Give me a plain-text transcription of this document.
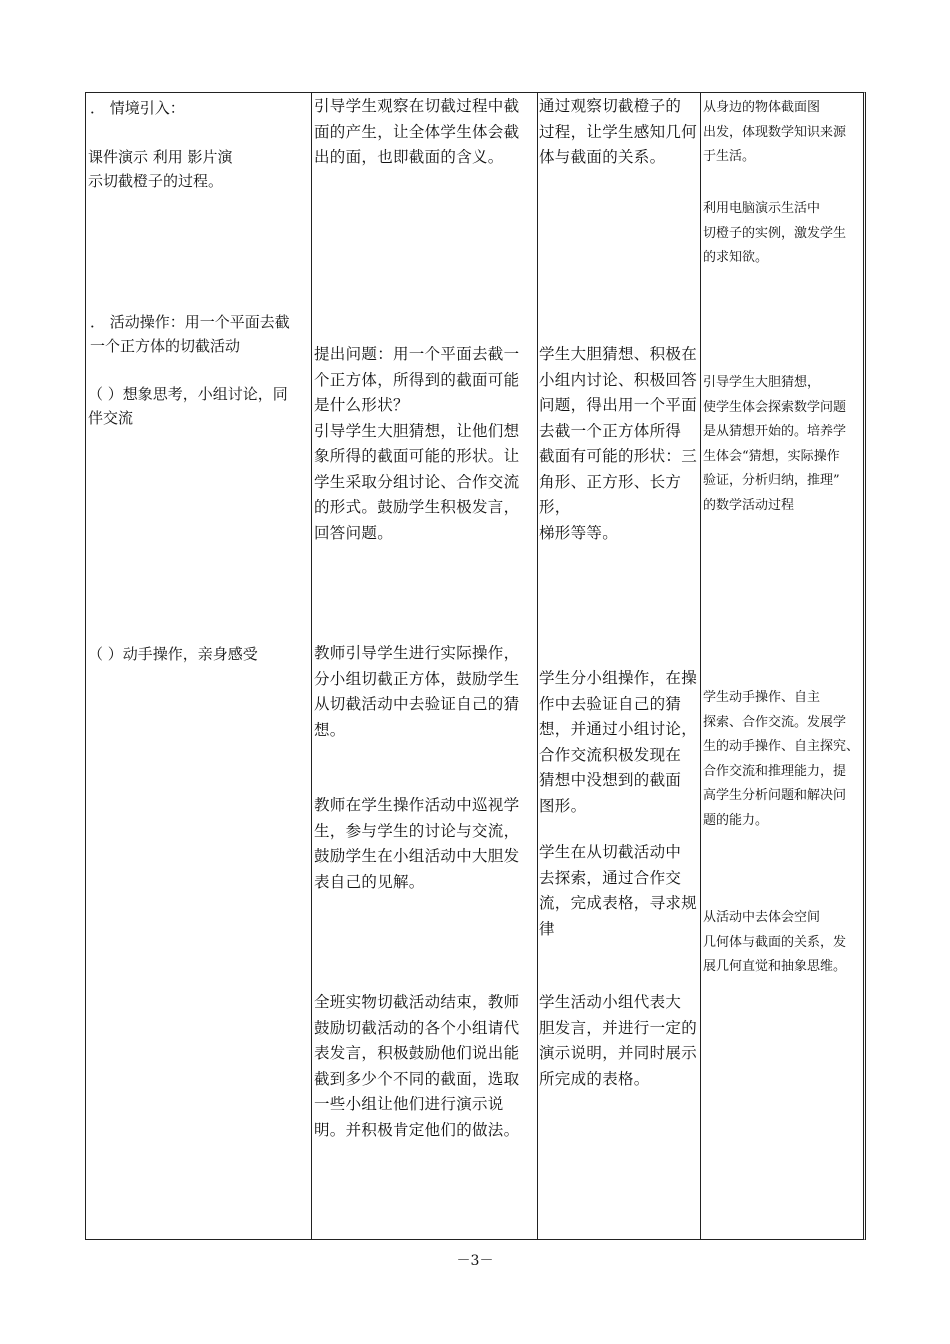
． 情境引入：
课件演示 利用 影片演
示切截橙子的过程。
． 活动操作：用一个平面去截
一个正方体的切截活动
（ ）想象思考，小组讨论，同
伴交流
（ ）动手操作，亲身感受
引导学生观察在切截过程中截
面的产生，让全体学生体会截
出的面，也即截面的含义。
提出问题：用一个平面去截一
个正方体，所得到的截面可能
是什么形状？
引导学生大胆猜想，让他们想
象所得的截面可能的形状。让
学生采取分组讨论、合作交流
的形式。鼓励学生积极发言，
回答问题。
教师引导学生进行实际操作，
分小组切截正方体，鼓励学生
从切截活动中去验证自己的猜
想。
教师在学生操作活动中巡视学
生，参与学生的讨论与交流，
鼓励学生在小组活动中大胆发
表自己的见解。
全班实物切截活动结束，教师
鼓励切截活动的各个小组请代
表发言，积极鼓励他们说出能
截到多少个不同的截面，选取
一些小组让他们进行演示说
明。并积极肯定他们的做法。
通过观察切截橙子的
过程，让学生感知几何
体与截面的关系。
学生大胆猜想、积极在
小组内讨论、积极回答
问题，得出用一个平面
去截一个正方体所得
截面有可能的形状：三
角形、正方形、长方形，
梯形等等。
学生分小组操作，在操
作中去验证自己的猜
想，并通过小组讨论，
合作交流积极发现在
猜想中没想到的截面
图形。
学生在从切截活动中
去探索，通过合作交
流，完成表格，寻求规
律
学生活动小组代表大
胆发言，并进行一定的
演示说明，并同时展示
所完成的表格。
从身边的物体截面图
出发，体现数学知识来源
于生活。
利用电脑演示生活中
切橙子的实例，激发学生
的求知欲。
引导学生大胆猜想，
使学生体会探索数学问题
是从猜想开始的。培养学
生体会“猜想，实际操作
验证，分析归纳，推理”
的数学活动过程
学生动手操作、自主
探索、合作交流。发展学
生的动手操作、自主探究、
合作交流和推理能力，提
高学生分析问题和解决问
题的能力。
从活动中去体会空间
几何体与截面的关系，发
展几何直觉和抽象思维。
－3－
